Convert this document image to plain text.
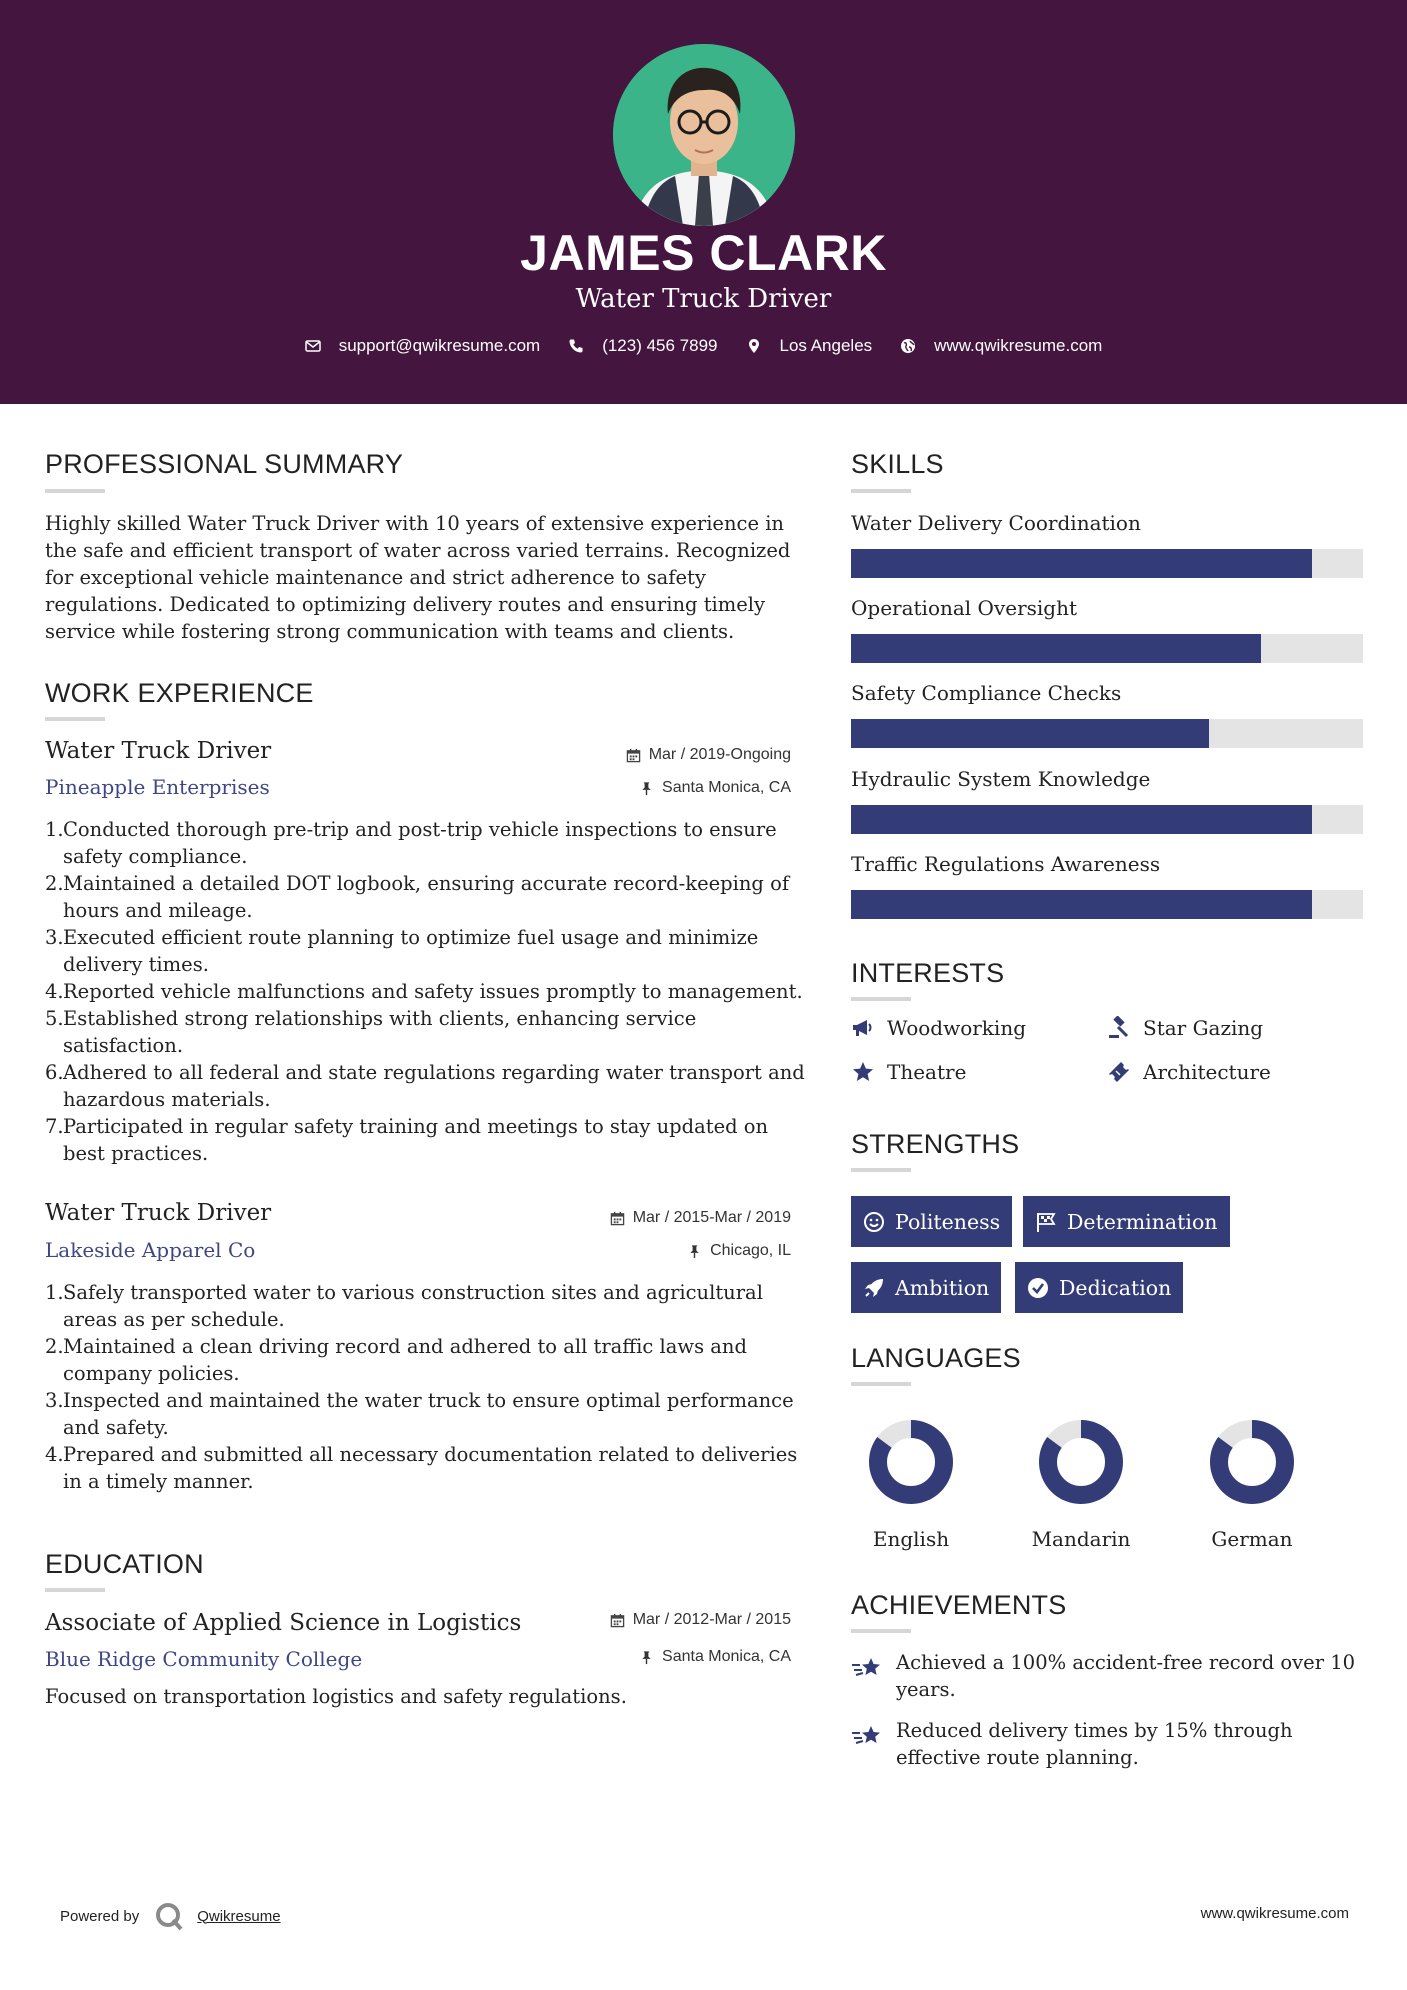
JAMES CLARK
Water Truck Driver
support@qwikresume.com	(123) 456 7899	Los Angeles	www.qwikresume.com
PROFESSIONAL SUMMARY
Highly skilled Water Truck Driver with 10 years of extensive experience in the safe and efficient transport of water across varied terrains. Recognized for exceptional vehicle maintenance and strict adherence to safety regulations. Dedicated to optimizing delivery routes and ensuring timely service while fostering strong communication with teams and clients.
WORK EXPERIENCE
Water Truck Driver
Pineapple Enterprises
Mar / 2019-Ongoing
Santa Monica, CA
1. Conducted thorough pre-trip and post-trip vehicle inspections to ensure safety compliance.
2. Maintained a detailed DOT logbook, ensuring accurate record-keeping of hours and mileage.
3. Executed efficient route planning to optimize fuel usage and minimize delivery times.
4. Reported vehicle malfunctions and safety issues promptly to management.
5. Established strong relationships with clients, enhancing service satisfaction.
6. Adhered to all federal and state regulations regarding water transport and hazardous materials.
7. Participated in regular safety training and meetings to stay updated on best practices.
Water Truck Driver
Lakeside Apparel Co
Mar / 2015-Mar / 2019
Chicago, IL
1. Safely transported water to various construction sites and agricultural areas as per schedule.
2. Maintained a clean driving record and adhered to all traffic laws and company policies.
3. Inspected and maintained the water truck to ensure optimal performance and safety.
4. Prepared and submitted all necessary documentation related to deliveries in a timely manner.
EDUCATION
Associate of Applied Science in Logistics
Blue Ridge Community College
Mar / 2012-Mar / 2015
Santa Monica, CA
Focused on transportation logistics and safety regulations.
SKILLS
Water Delivery Coordination
Operational Oversight
Safety Compliance Checks
Hydraulic System Knowledge
Traffic Regulations Awareness
INTERESTS
Woodworking	Star Gazing
Theatre	Architecture
STRENGTHS
Politeness	Determination
Ambition	Dedication
LANGUAGES
English	Mandarin	German
ACHIEVEMENTS
Achieved a 100% accident-free record over 10 years.
Reduced delivery times by 15% through effective route planning.
Powered by	Qwikresume	www.qwikresume.com
